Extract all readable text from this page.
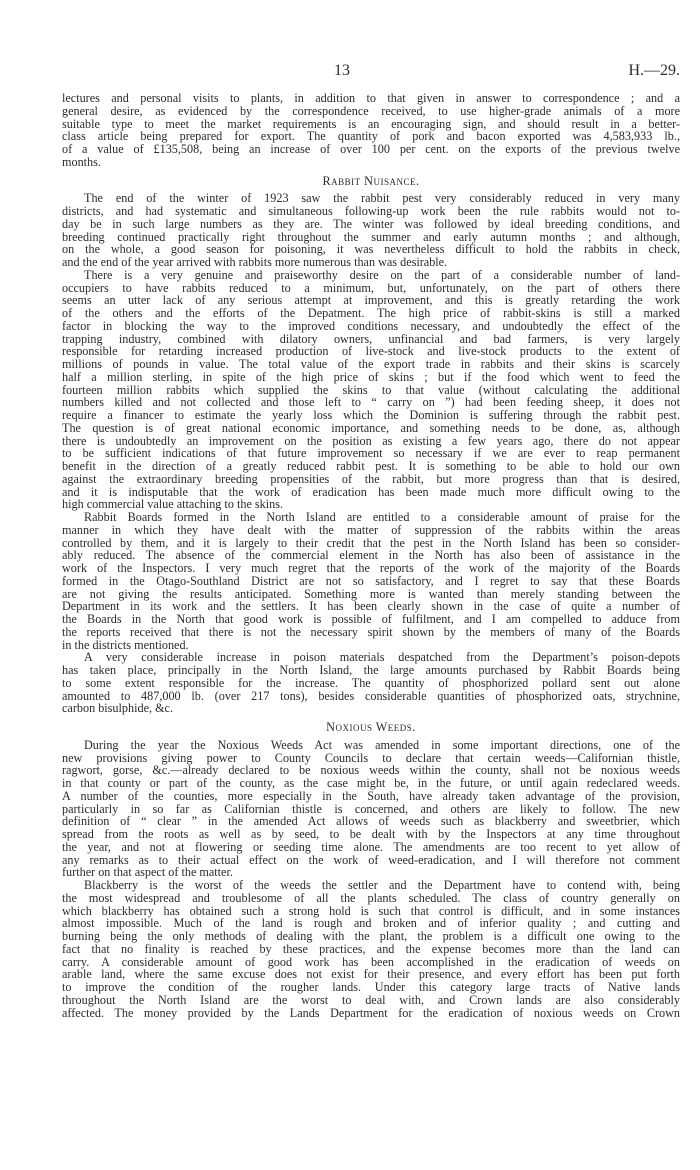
13	H.—29.
lectures and personal visits to plants, in addition to that given in answer to correspondence ; and a
general desire, as evidenced by the correspondence received, to use higher-grade animals of a more
suitable type to meet the market requirements is an encouraging sign, and should result in a better-
class article being prepared for export. The quantity of pork and bacon exported was 4,583,933 lb.,
of a value of £135,508, being an increase of over 100 per cent. on the exports of the previous twelve
months.
Rabbit Nuisance.
The end of the winter of 1923 saw the rabbit pest very considerably reduced in very many
districts, and had systematic and simultaneous following-up work been the rule rabbits would not to-
day be in such large numbers as they are. The winter was followed by ideal breeding conditions, and
breeding continued practically right throughout the summer and early autumn months ; and although,
on the whole, a good season for poisoning, it was nevertheless difficult to hold the rabbits in check,
and the end of the year arrived with rabbits more numerous than was desirable.
There is a very genuine and praiseworthy desire on the part of a considerable number of land-
occupiers to have rabbits reduced to a minimum, but, unfortunately, on the part of others there
seems an utter lack of any serious attempt at improvement, and this is greatly retarding the work
of the others and the efforts of the Depatment. The high price of rabbit-skins is still a marked
factor in blocking the way to the improved conditions necessary, and undoubtedly the effect of the
trapping industry, combined with dilatory owners, unfinancial and bad farmers, is very largely
responsible for retarding increased production of live-stock and live-stock products to the extent of
millions of pounds in value. The total value of the export trade in rabbits and their skins is scarcely
half a million sterling, in spite of the high price of skins ; but if the food which went to feed the
fourteen million rabbits which supplied the skins to that value (without calculating the additional
numbers killed and not collected and those left to “ carry on ”) had been feeding sheep, it does not
require a financer to estimate the yearly loss which the Dominion is suffering through the rabbit pest.
The question is of great national economic importance, and something needs to be done, as, although
there is undoubtedly an improvement on the position as existing a few years ago, there do not appear
to be sufficient indications of that future improvement so necessary if we are ever to reap permanent
benefit in the direction of a greatly reduced rabbit pest. It is something to be able to hold our own
against the extraordinary breeding propensities of the rabbit, but more progress than that is desired,
and it is indisputable that the work of eradication has been made much more difficult owing to the
high commercial value attaching to the skins.
Rabbit Boards formed in the North Island are entitled to a considerable amount of praise for the
manner in which they have dealt with the matter of suppression of the rabbits within the areas
controlled by them, and it is largely to their credit that the pest in the North Island has been so consider-
ably reduced. The absence of the commercial element in the North has also been of assistance in the
work of the Inspectors. I very much regret that the reports of the work of the majority of the Boards
formed in the Otago-Southland District are not so satisfactory, and I regret to say that these Boards
are not giving the results anticipated. Something more is wanted than merely standing between the
Department in its work and the settlers. It has been clearly shown in the case of quite a number of
the Boards in the North that good work is possible of fulfilment, and I am compelled to adduce from
the reports received that there is not the necessary spirit shown by the members of many of the Boards
in the districts mentioned.
A very considerable increase in poison materials despatched from the Department’s poison-depots
has taken place, principally in the North Island, the large amounts purchased by Rabbit Boards being
to some extent responsible for the increase. The quantity of phosphorized pollard sent out alone
amounted to 487,000 lb. (over 217 tons), besides considerable quantities of phosphorized oats, strychnine,
carbon bisulphide, &c.
Noxious Weeds.
During the year the Noxious Weeds Act was amended in some important directions, one of the
new provisions giving power to County Councils to declare that certain weeds—Californian thistle,
ragwort, gorse, &c.—already declared to be noxious weeds within the county, shall not be noxious weeds
in that county or part of the county, as the case might be, in the future, or until again redeclared weeds.
A number of the counties, more especially in the South, have already taken advantage of the provision,
particularly in so far as Californian thistle is concerned, and others are likely to follow. The new
definition of “ clear ” in the amended Act allows of weeds such as blackberry and sweetbrier, which
spread from the roots as well as by seed, to be dealt with by the Inspectors at any time throughout
the year, and not at flowering or seeding time alone. The amendments are too recent to yet allow of
any remarks as to their actual effect on the work of weed-eradication, and I will therefore not comment
further on that aspect of the matter.
Blackberry is the worst of the weeds the settler and the Department have to contend with, being
the most widespread and troublesome of all the plants scheduled. The class of country generally on
which blackberry has obtained such a strong hold is such that control is difficult, and in some instances
almost impossible. Much of the land is rough and broken and of inferior quality ; and cutting and
burning being the only methods of dealing with the plant, the problem is a difficult one owing to the
fact that no finality is reached by these practices, and the expense becomes more than the land can
carry. A considerable amount of good work has been accomplished in the eradication of weeds on
arable land, where the same excuse does not exist for their presence, and every effort has been put forth
to improve the condition of the rougher lands. Under this category large tracts of Native lands
throughout the North Island are the worst to deal with, and Crown lands are also considerably
affected. The money provided by the Lands Department for the eradication of noxious weeds on Crown
